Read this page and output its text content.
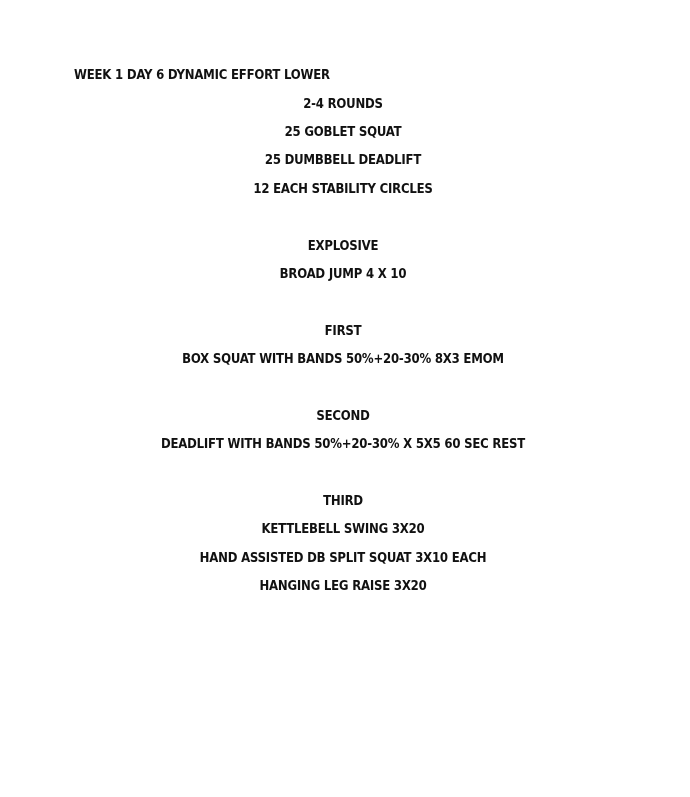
WEEK 1 DAY 6 DYNAMIC EFFORT LOWER
2-4 ROUNDS
25 GOBLET SQUAT
25 DUMBBELL DEADLIFT
12 EACH STABILITY CIRCLES
EXPLOSIVE
BROAD JUMP 4 X 10
FIRST
BOX SQUAT WITH BANDS 50%+20-30% 8X3 EMOM
SECOND
DEADLIFT WITH BANDS 50%+20-30% X 5X5 60 SEC REST
THIRD
KETTLEBELL SWING 3X20
HAND ASSISTED DB SPLIT SQUAT 3X10 EACH
HANGING LEG RAISE 3X20
